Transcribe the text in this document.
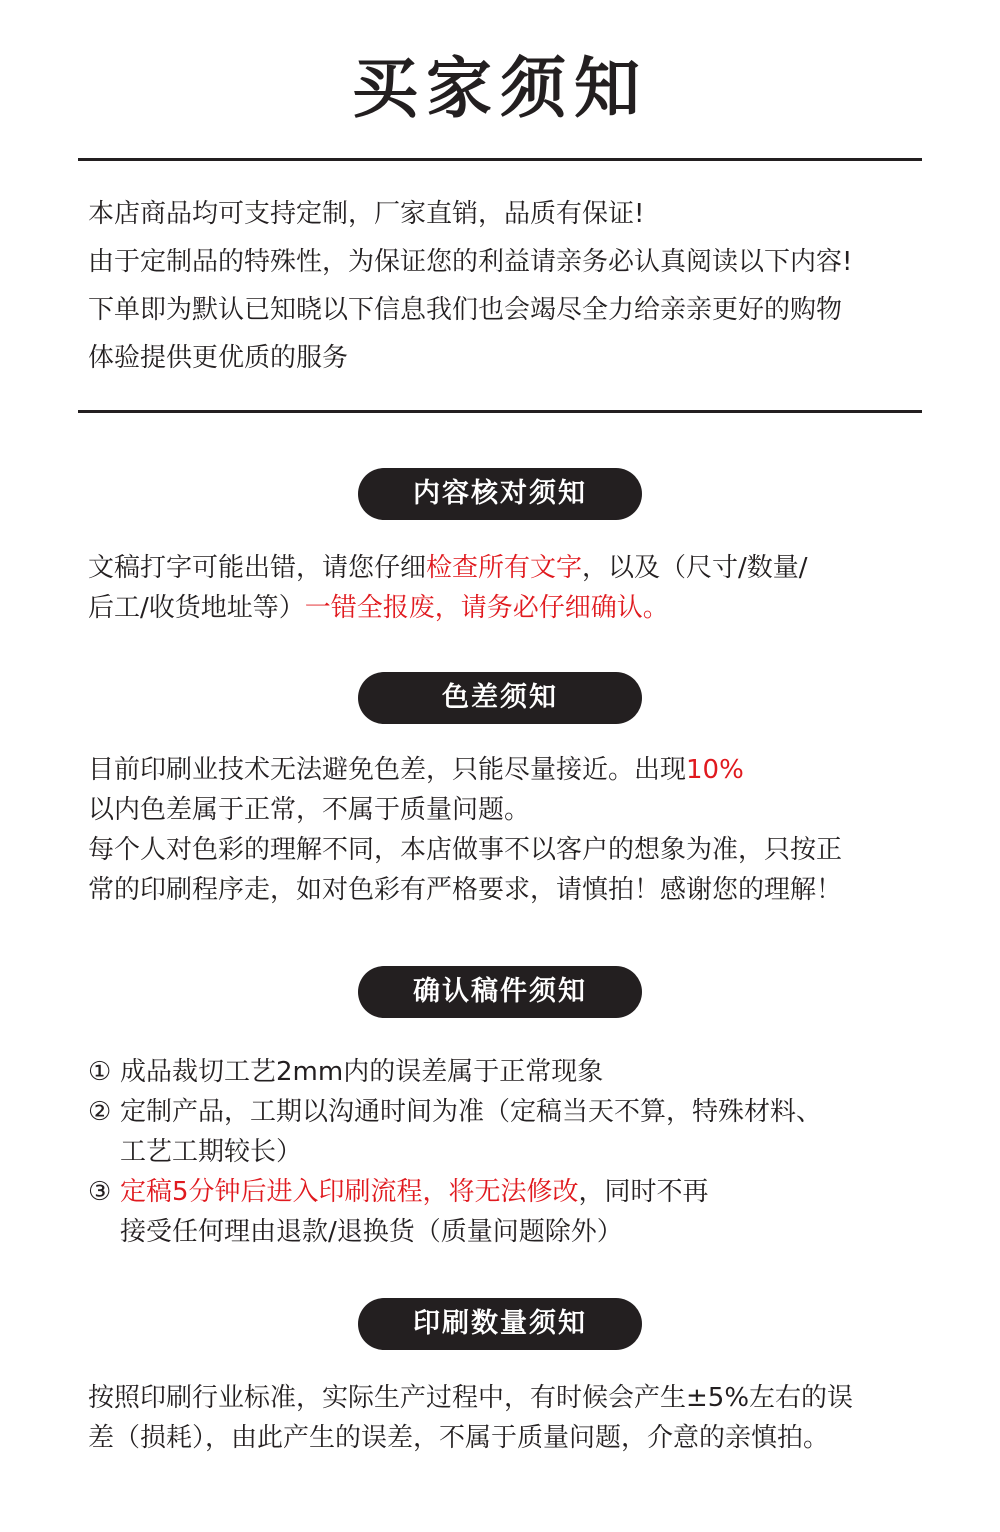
买家须知

本店商品均可支持定制，厂家直销，品质有保证!

由于定制品的特殊性，为保证您的利益请亲务必认真阅读以下内容!

下单即为默认已知晓以下信息我们也会竭尽全力给亲亲更好的购物

体验提供更优质的服务

内容核对须知

文稿打字可能出错，请您仔细检查所有文字，以及（尺寸/数量/

后工/收货地址等）一错全报废，请务必仔细确认。

色差须知

目前印刷业技术无法避免色差，只能尽量接近。出现10%

以内色差属于正常，不属于质量问题。

每个人对色彩的理解不同，本店做事不以客户的想象为准，只按正

常的印刷程序走，如对色彩有严格要求，请慎拍！感谢您的理解！

确认稿件须知
① 成品裁切工艺2mm内的误差属于正常现象
② 定制产品，工期以沟通时间为准（定稿当天不算，特殊材料、

工艺工期较长）

③ 定稿5分钟后进入印刷流程，将无法修改，同时不再

接受任何理由退款/退换货（质量问题除外）

印刷数量须知

按照印刷行业标准，实际生产过程中，有时候会产生±5%左右的误

差（损耗），由此产生的误差，不属于质量问题，介意的亲慎拍。
